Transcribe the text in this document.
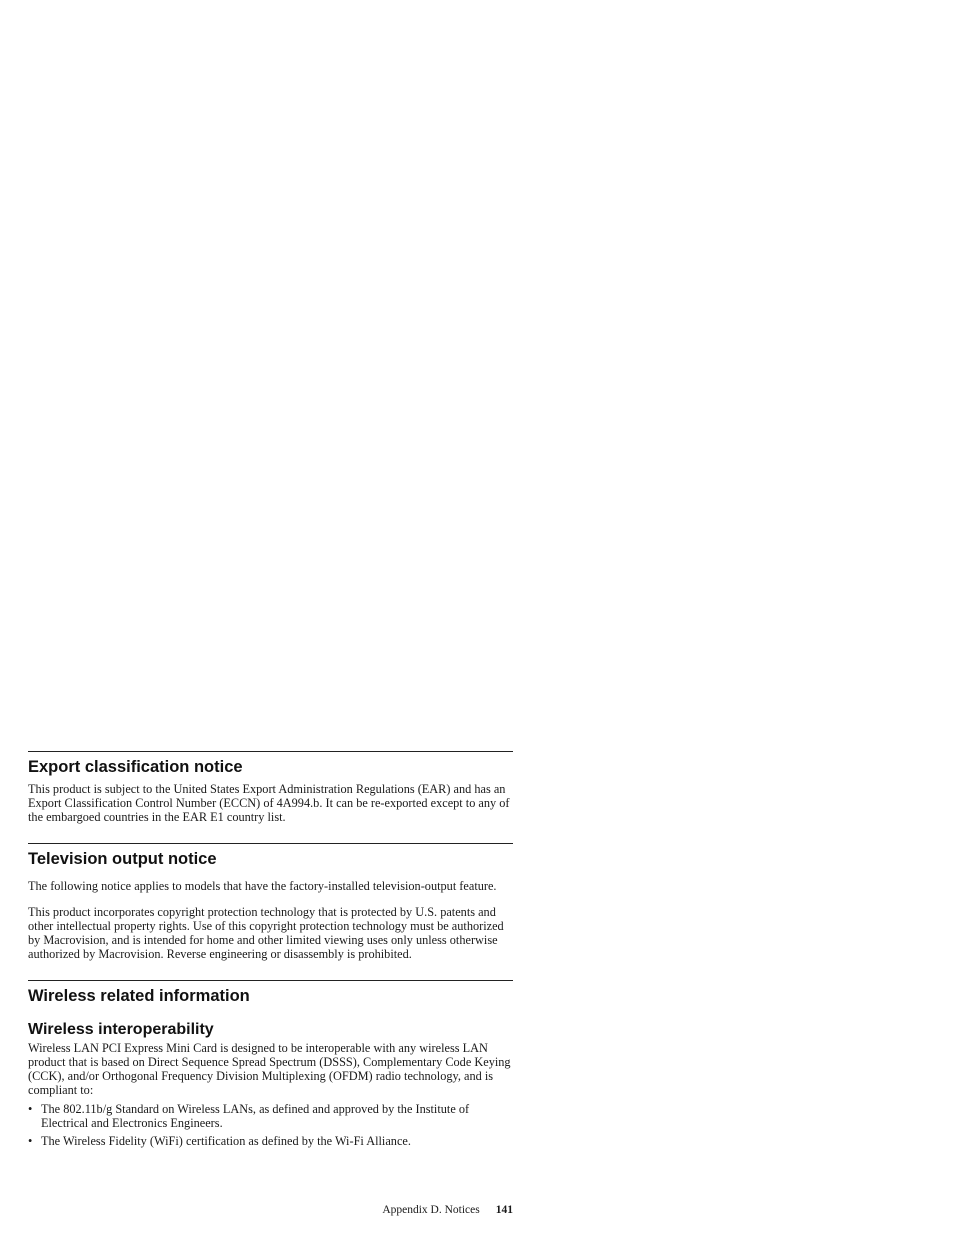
Export classification notice

This product is subject to the United States Export Administration Regulations (EAR) and has an Export Classification Control Number (ECCN) of 4A994.b. It can be re-exported except to any of the embargoed countries in the EAR E1 country list.

Television output notice

The following notice applies to models that have the factory-installed television-output feature.

This product incorporates copyright protection technology that is protected by U.S. patents and other intellectual property rights. Use of this copyright protection technology must be authorized by Macrovision, and is intended for home and other limited viewing uses only unless otherwise authorized by Macrovision. Reverse engineering or disassembly is prohibited.

Wireless related information
Wireless interoperability

Wireless LAN PCI Express Mini Card is designed to be interoperable with any wireless LAN product that is based on Direct Sequence Spread Spectrum (DSSS), Complementary Code Keying (CCK), and/or Orthogonal Frequency Division Multiplexing (OFDM) radio technology, and is compliant to:

• The 802.11b/g Standard on Wireless LANs, as defined and approved by the Institute of Electrical and Electronics Engineers.
• The Wireless Fidelity (WiFi) certification as defined by the Wi-Fi Alliance.
Appendix D. Notices 141
